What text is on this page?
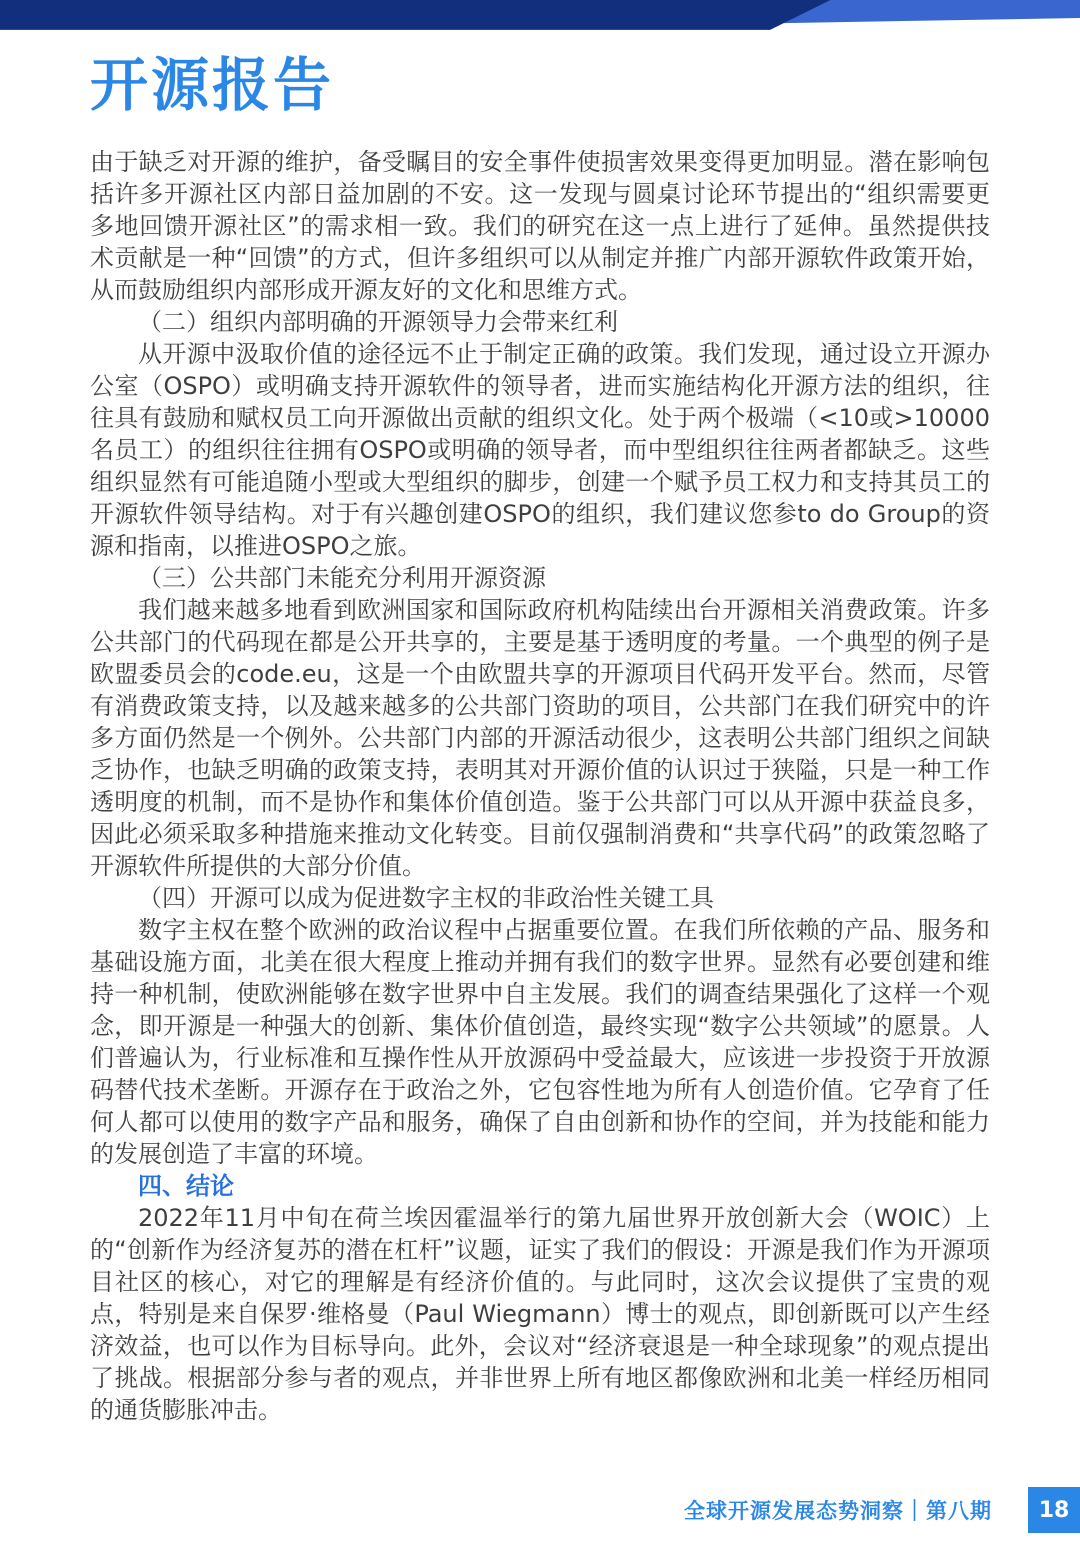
开源报告

由于缺乏对开源的维护，备受瞩目的安全事件使损害效果变得更加明显。潜在影响包括许多开源社区内部日益加剧的不安。这一发现与圆桌讨论环节提出的“组织需要更多地回馈开源社区”的需求相一致。我们的研究在这一点上进行了延伸。虽然提供技术贡献是一种“回馈”的方式，但许多组织可以从制定并推广内部开源软件政策开始，从而鼓励组织内部形成开源友好的文化和思维方式。

（二）组织内部明确的开源领导力会带来红利

从开源中汲取价值的途径远不止于制定正确的政策。我们发现，通过设立开源办公室（OSPO）或明确支持开源软件的领导者，进而实施结构化开源方法的组织，往往具有鼓励和赋权员工向开源做出贡献的组织文化。处于两个极端（<10或>10000名员工）的组织往往拥有OSPO或明确的领导者，而中型组织往往两者都缺乏。这些组织显然有可能追随小型或大型组织的脚步，创建一个赋予员工权力和支持其员工的开源软件领导结构。对于有兴趣创建OSPO的组织，我们建议您参to do Group的资源和指南，以推进OSPO之旅。

（三）公共部门未能充分利用开源资源

我们越来越多地看到欧洲国家和国际政府机构陆续出台开源相关消费政策。许多公共部门的代码现在都是公开共享的，主要是基于透明度的考量。一个典型的例子是欧盟委员会的code.eu，这是一个由欧盟共享的开源项目代码开发平台。然而，尽管有消费政策支持，以及越来越多的公共部门资助的项目，公共部门在我们研究中的许多方面仍然是一个例外。公共部门内部的开源活动很少，这表明公共部门组织之间缺乏协作，也缺乏明确的政策支持，表明其对开源价值的认识过于狭隘，只是一种工作透明度的机制，而不是协作和集体价值创造。鉴于公共部门可以从开源中获益良多，因此必须采取多种措施来推动文化转变。目前仅强制消费和“共享代码”的政策忽略了开源软件所提供的大部分价值。

（四）开源可以成为促进数字主权的非政治性关键工具

数字主权在整个欧洲的政治议程中占据重要位置。在我们所依赖的产品、服务和基础设施方面，北美在很大程度上推动并拥有我们的数字世界。显然有必要创建和维持一种机制，使欧洲能够在数字世界中自主发展。我们的调查结果强化了这样一个观念，即开源是一种强大的创新、集体价值创造，最终实现“数字公共领域”的愿景。人们普遍认为，行业标准和互操作性从开放源码中受益最大，应该进一步投资于开放源码替代技术垄断。开源存在于政治之外，它包容性地为所有人创造价值。它孕育了任何人都可以使用的数字产品和服务，确保了自由创新和协作的空间，并为技能和能力的发展创造了丰富的环境。

四、结论

2022年11月中旬在荷兰埃因霍温举行的第九届世界开放创新大会（WOIC）上的“创新作为经济复苏的潜在杠杆”议题，证实了我们的假设：开源是我们作为开源项目社区的核心，对它的理解是有经济价值的。与此同时，这次会议提供了宝贵的观点，特别是来自保罗·维格曼（Paul Wiegmann）博士的观点，即创新既可以产生经济效益，也可以作为目标导向。此外，会议对“经济衰退是一种全球现象”的观点提出了挑战。根据部分参与者的观点，并非世界上所有地区都像欧洲和北美一样经历相同的通货膨胀冲击。

全球开源发展态势洞察｜第八期	18
